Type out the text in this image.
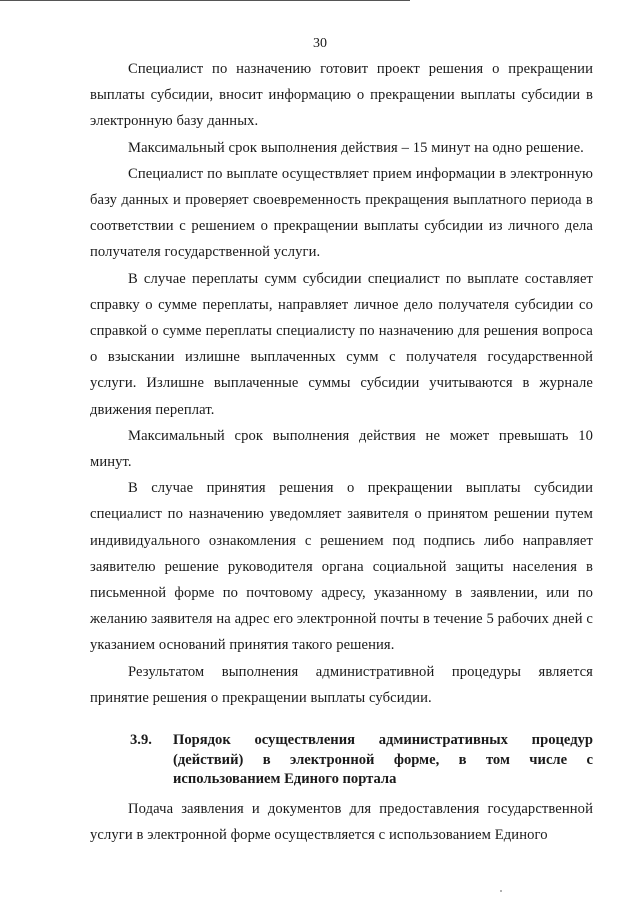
30

Специалист по назначению готовит проект решения о прекращении выплаты субсидии, вносит информацию о прекращении выплаты субсидии в электронную базу данных.

Максимальный срок выполнения действия – 15 минут на одно решение.

Специалист по выплате осуществляет прием информации в электронную базу данных и проверяет своевременность прекращения выплатного периода в соответствии с решением о прекращении выплаты субсидии из личного дела получателя государственной услуги.

В случае переплаты сумм субсидии специалист по выплате составляет справку о сумме переплаты, направляет личное дело получателя субсидии со справкой о сумме переплаты специалисту по назначению для решения вопроса о взыскании излишне выплаченных сумм с получателя государственной услуги. Излишне выплаченные суммы субсидии учитываются в журнале движения переплат.

Максимальный срок выполнения действия не может превышать 10 минут.

В случае принятия решения о прекращении выплаты субсидии специалист по назначению уведомляет заявителя о принятом решении путем индивидуального ознакомления с решением под подпись либо направляет заявителю решение руководителя органа социальной защиты населения в письменной форме по почтовому адресу, указанному в заявлении, или по желанию заявителя на адрес его электронной почты в течение 5 рабочих дней с указанием оснований принятия такого решения.

Результатом выполнения административной процедуры является принятие решения о прекращении выплаты субсидии.

3.9. Порядок осуществления административных процедур (действий) в электронной форме, в том числе с использованием Единого портала

Подача заявления и документов для предоставления государственной услуги в электронной форме осуществляется с использованием Единого
